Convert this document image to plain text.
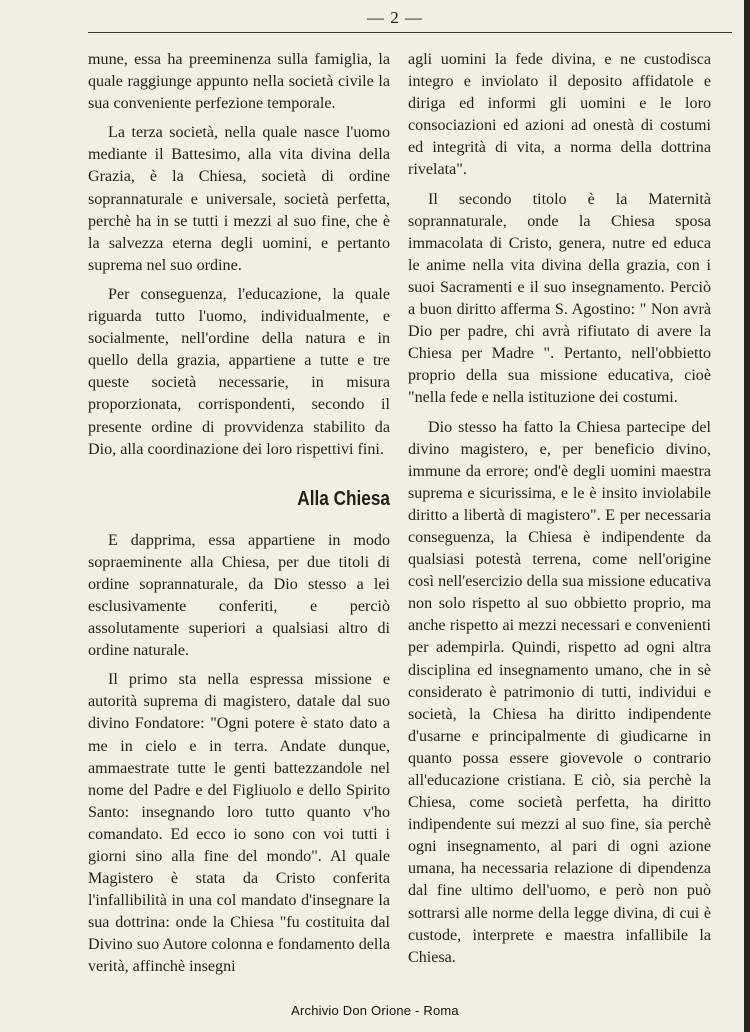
— 2 —

mune, essa ha preeminenza sulla famiglia, la quale raggiunge appunto nella società civile la sua conveniente perfezione temporale.

La terza società, nella quale nasce l'uomo mediante il Battesimo, alla vita divina della Grazia, è la Chiesa, società di ordine soprannaturale e universale, società perfetta, perchè ha in se tutti i mezzi al suo fine, che è la salvezza eterna degli uomini, e pertanto suprema nel suo ordine.

Per conseguenza, l'educazione, la quale riguarda tutto l'uomo, individualmente, e socialmente, nell'ordine della natura e in quello della grazia, appartiene a tutte e tre queste società necessarie, in misura proporzionata, corrispondenti, secondo il presente ordine di provvidenza stabilito da Dio, alla coordinazione dei loro rispettivi fini.

Alla Chiesa

E dapprima, essa appartiene in modo sopraeminente alla Chiesa, per due titoli di ordine soprannaturale, da Dio stesso a lei esclusivamente conferiti, e perciò assolutamente superiori a qualsiasi altro di ordine naturale.

Il primo sta nella espressa missione e autorità suprema di magistero, datale dal suo divino Fondatore: "Ogni potere è stato dato a me in cielo e in terra. Andate dunque, ammaestrate tutte le genti battezzandole nel nome del Padre e del Figliuolo e dello Spirito Santo: insegnando loro tutto quanto v'ho comandato. Ed ecco io sono con voi tutti i giorni sino alla fine del mondo". Al quale Magistero è stata da Cristo conferita l'infallibilità in una col mandato d'insegnare la sua dottrina: onde la Chiesa "fu costituita dal Divino suo Autore colonna e fondamento della verità, affinchè insegni

agli uomini la fede divina, e ne custodisca integro e inviolato il deposito affidatole e diriga ed informi gli uomini e le loro consociazioni ed azioni ad onestà di costumi ed integrità di vita, a norma della dottrina rivelata".

Il secondo titolo è la Maternità soprannaturale, onde la Chiesa sposa immacolata di Cristo, genera, nutre ed educa le anime nella vita divina della grazia, con i suoi Sacramenti e il suo insegnamento. Perciò a buon diritto afferma S. Agostino: " Non avrà Dio per padre, chi avrà rifiutato di avere la Chiesa per Madre ". Pertanto, nell'obbietto proprio della sua missione educativa, cioè "nella fede e nella istituzione dei costumi.

Dio stesso ha fatto la Chiesa partecipe del divino magistero, e, per beneficio divino, immune da errore; ond'è degli uomini maestra suprema e sicurissima, e le è insito inviolabile diritto a libertà di magistero". E per necessaria conseguenza, la Chiesa è indipendente da qualsiasi potestà terrena, come nell'origine così nell'esercizio della sua missione educativa non solo rispetto al suo obbietto proprio, ma anche rispetto ai mezzi necessari e convenienti per adempirla. Quindi, rispetto ad ogni altra disciplina ed insegnamento umano, che in sè considerato è patrimonio di tutti, individui e società, la Chiesa ha diritto indipendente d'usarne e principalmente di giudicarne in quanto possa essere giovevole o contrario all'educazione cristiana. E ciò, sia perchè la Chiesa, come società perfetta, ha diritto indipendente sui mezzi al suo fine, sia perchè ogni insegnamento, al pari di ogni azione umana, ha necessaria relazione di dipendenza dal fine ultimo dell'uomo, e però non può sottrarsi alle norme della legge divina, di cui è custode, interprete e maestra infallibile la Chiesa.

Archivio Don Orione - Roma
